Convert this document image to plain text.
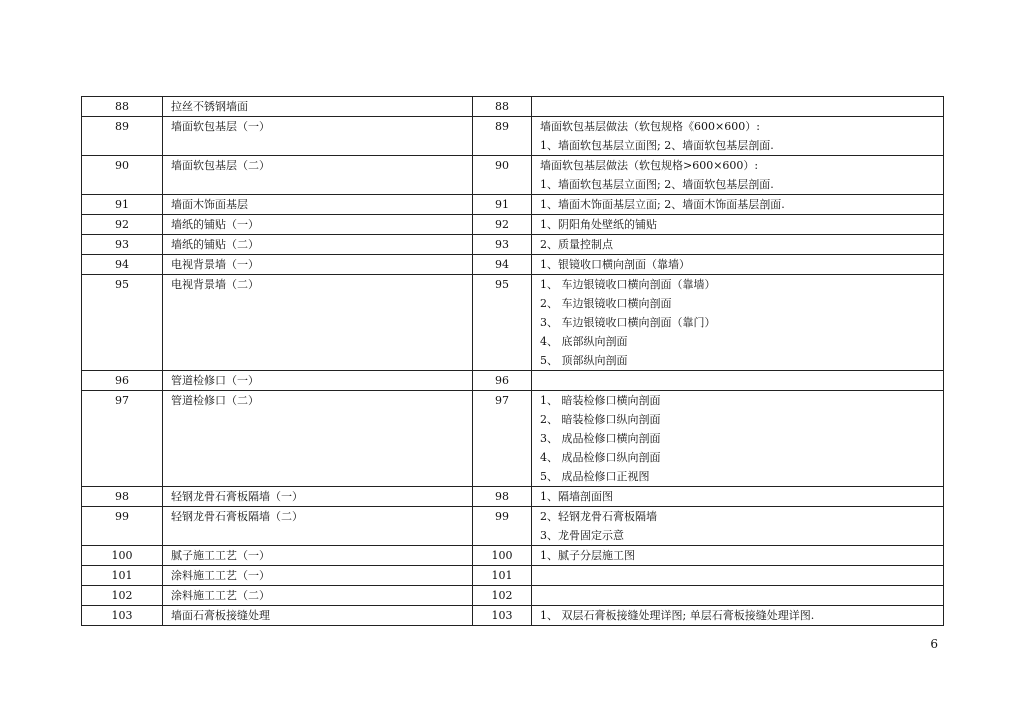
88	拉丝不锈钢墙面	88	
89	墙面软包基层（一）	89	墙面软包基层做法（软包规格《600×600）:
1、墙面软包基层立面图; 2、墙面软包基层剖面.

90	墙面软包基层（二）	90	墙面软包基层做法（软包规格>600×600）:
1、墙面软包基层立面图; 2、墙面软包基层剖面.

91	墙面木饰面基层	91	1、墙面木饰面基层立面; 2、墙面木饰面基层剖面.

92	墙纸的铺贴（一）	92	1、阴阳角处壁纸的铺贴

93	墙纸的铺贴（二）	93	2、质量控制点

94	电视背景墙（一）	94	1、银镜收口横向剖面（靠墙）

95	电视背景墙（二）	95	1、 车边银镜收口横向剖面（靠墙）
2、 车边银镜收口横向剖面
3、 车边银镜收口横向剖面（靠门）
4、 底部纵向剖面
5、 顶部纵向剖面

96	管道检修口（一）	96	
97	管道检修口（二）	97	1、 暗装检修口横向剖面
2、 暗装检修口纵向剖面
3、 成品检修口横向剖面
4、 成品检修口纵向剖面
5、 成品检修口正视图

98	轻钢龙骨石膏板隔墙（一）	98	1、隔墙剖面图

99	轻钢龙骨石膏板隔墙（二）	99	2、轻钢龙骨石膏板隔墙
3、龙骨固定示意

100	腻子施工工艺（一）	100	1、腻子分层施工图

101	涂料施工工艺（一）	101	
102	涂料施工工艺（二）	102	
103	墙面石膏板接缝处理	103	1、 双层石膏板接缝处理详图; 单层石膏板接缝处理详图.
6
